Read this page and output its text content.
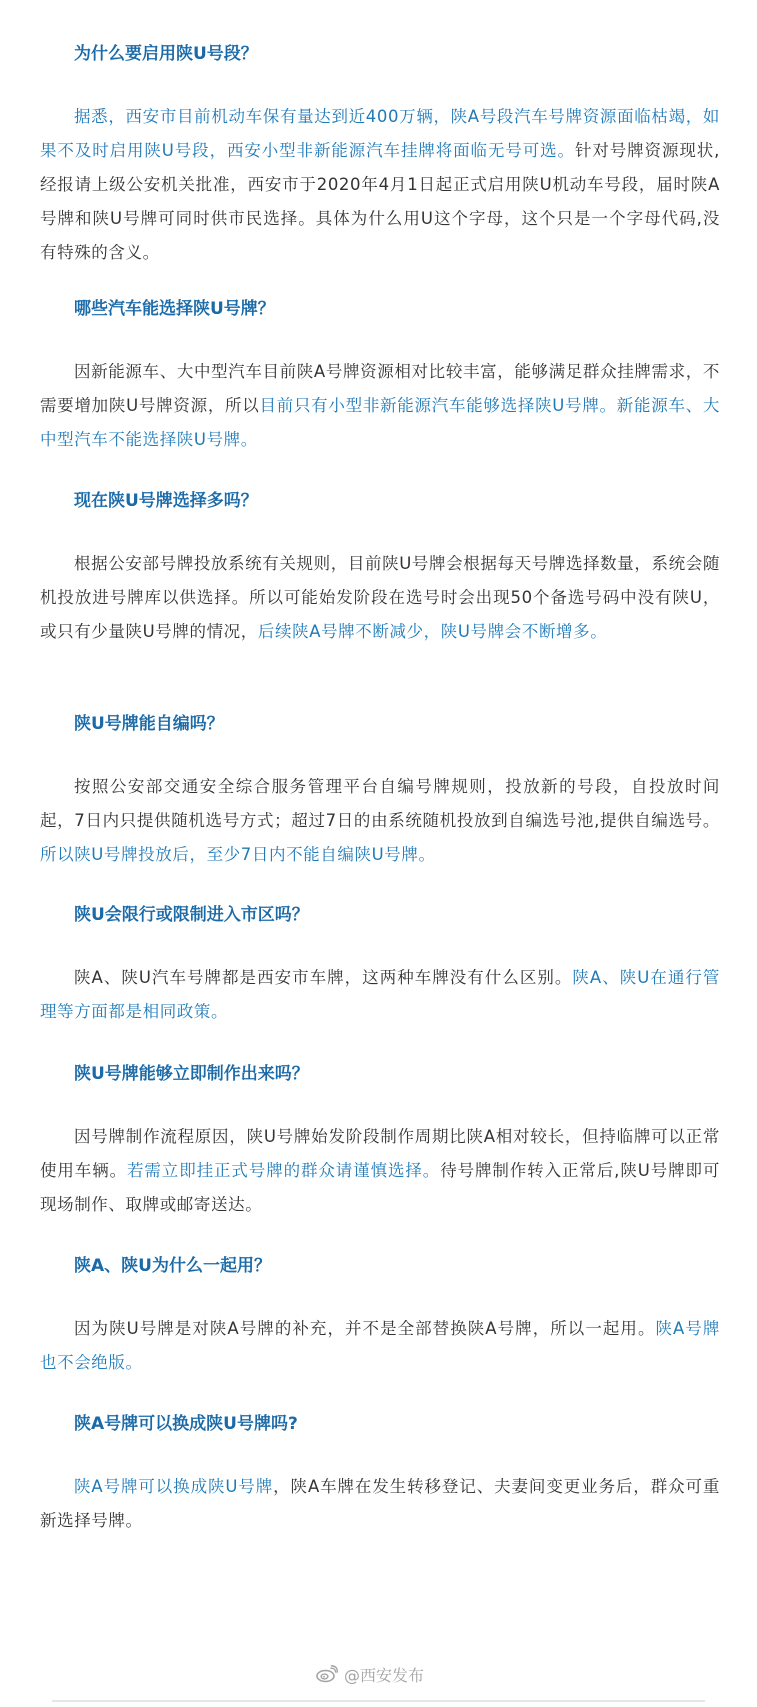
为什么要启用陕U号段？

据悉，西安市目前机动车保有量达到近400万辆，陕A号段汽车号牌资源面临枯竭，如果不及时启用陕U号段，西安小型非新能源汽车挂牌将面临无号可选。针对号牌资源现状,经报请上级公安机关批准，西安市于2020年4月1日起正式启用陕U机动车号段，届时陕A号牌和陕U号牌可同时供市民选择。具体为什么用U这个字母，这个只是一个字母代码,没有特殊的含义。

哪些汽车能选择陕U号牌？

因新能源车、大中型汽车目前陕A号牌资源相对比较丰富，能够满足群众挂牌需求，不需要增加陕U号牌资源，所以目前只有小型非新能源汽车能够选择陕U号牌。新能源车、大中型汽车不能选择陕U号牌。

现在陕U号牌选择多吗？

根据公安部号牌投放系统有关规则，目前陕U号牌会根据每天号牌选择数量，系统会随机投放进号牌库以供选择。所以可能始发阶段在选号时会出现50个备选号码中没有陕U，或只有少量陕U号牌的情况，后续陕A号牌不断减少，陕U号牌会不断增多。

陕U号牌能自编吗？

按照公安部交通安全综合服务管理平台自编号牌规则，投放新的号段，自投放时间起，7日内只提供随机选号方式；超过7日的由系统随机投放到自编选号池,提供自编选号。所以陕U号牌投放后，至少7日内不能自编陕U号牌。

陕U会限行或限制进入市区吗？

陕A、陕U汽车号牌都是西安市车牌，这两种车牌没有什么区别。陕A、陕U在通行管理等方面都是相同政策。

陕U号牌能够立即制作出来吗？

因号牌制作流程原因，陕U号牌始发阶段制作周期比陕A相对较长，但持临牌可以正常使用车辆。若需立即挂正式号牌的群众请谨慎选择。待号牌制作转入正常后,陕U号牌即可现场制作、取牌或邮寄送达。

陕A、陕U为什么一起用？

因为陕U号牌是对陕A号牌的补充，并不是全部替换陕A号牌，所以一起用。陕A号牌也不会绝版。

陕A号牌可以换成陕U号牌吗?

陕A号牌可以换成陕U号牌，陕A车牌在发生转移登记、夫妻间变更业务后，群众可重新选择号牌。

@西安发布
